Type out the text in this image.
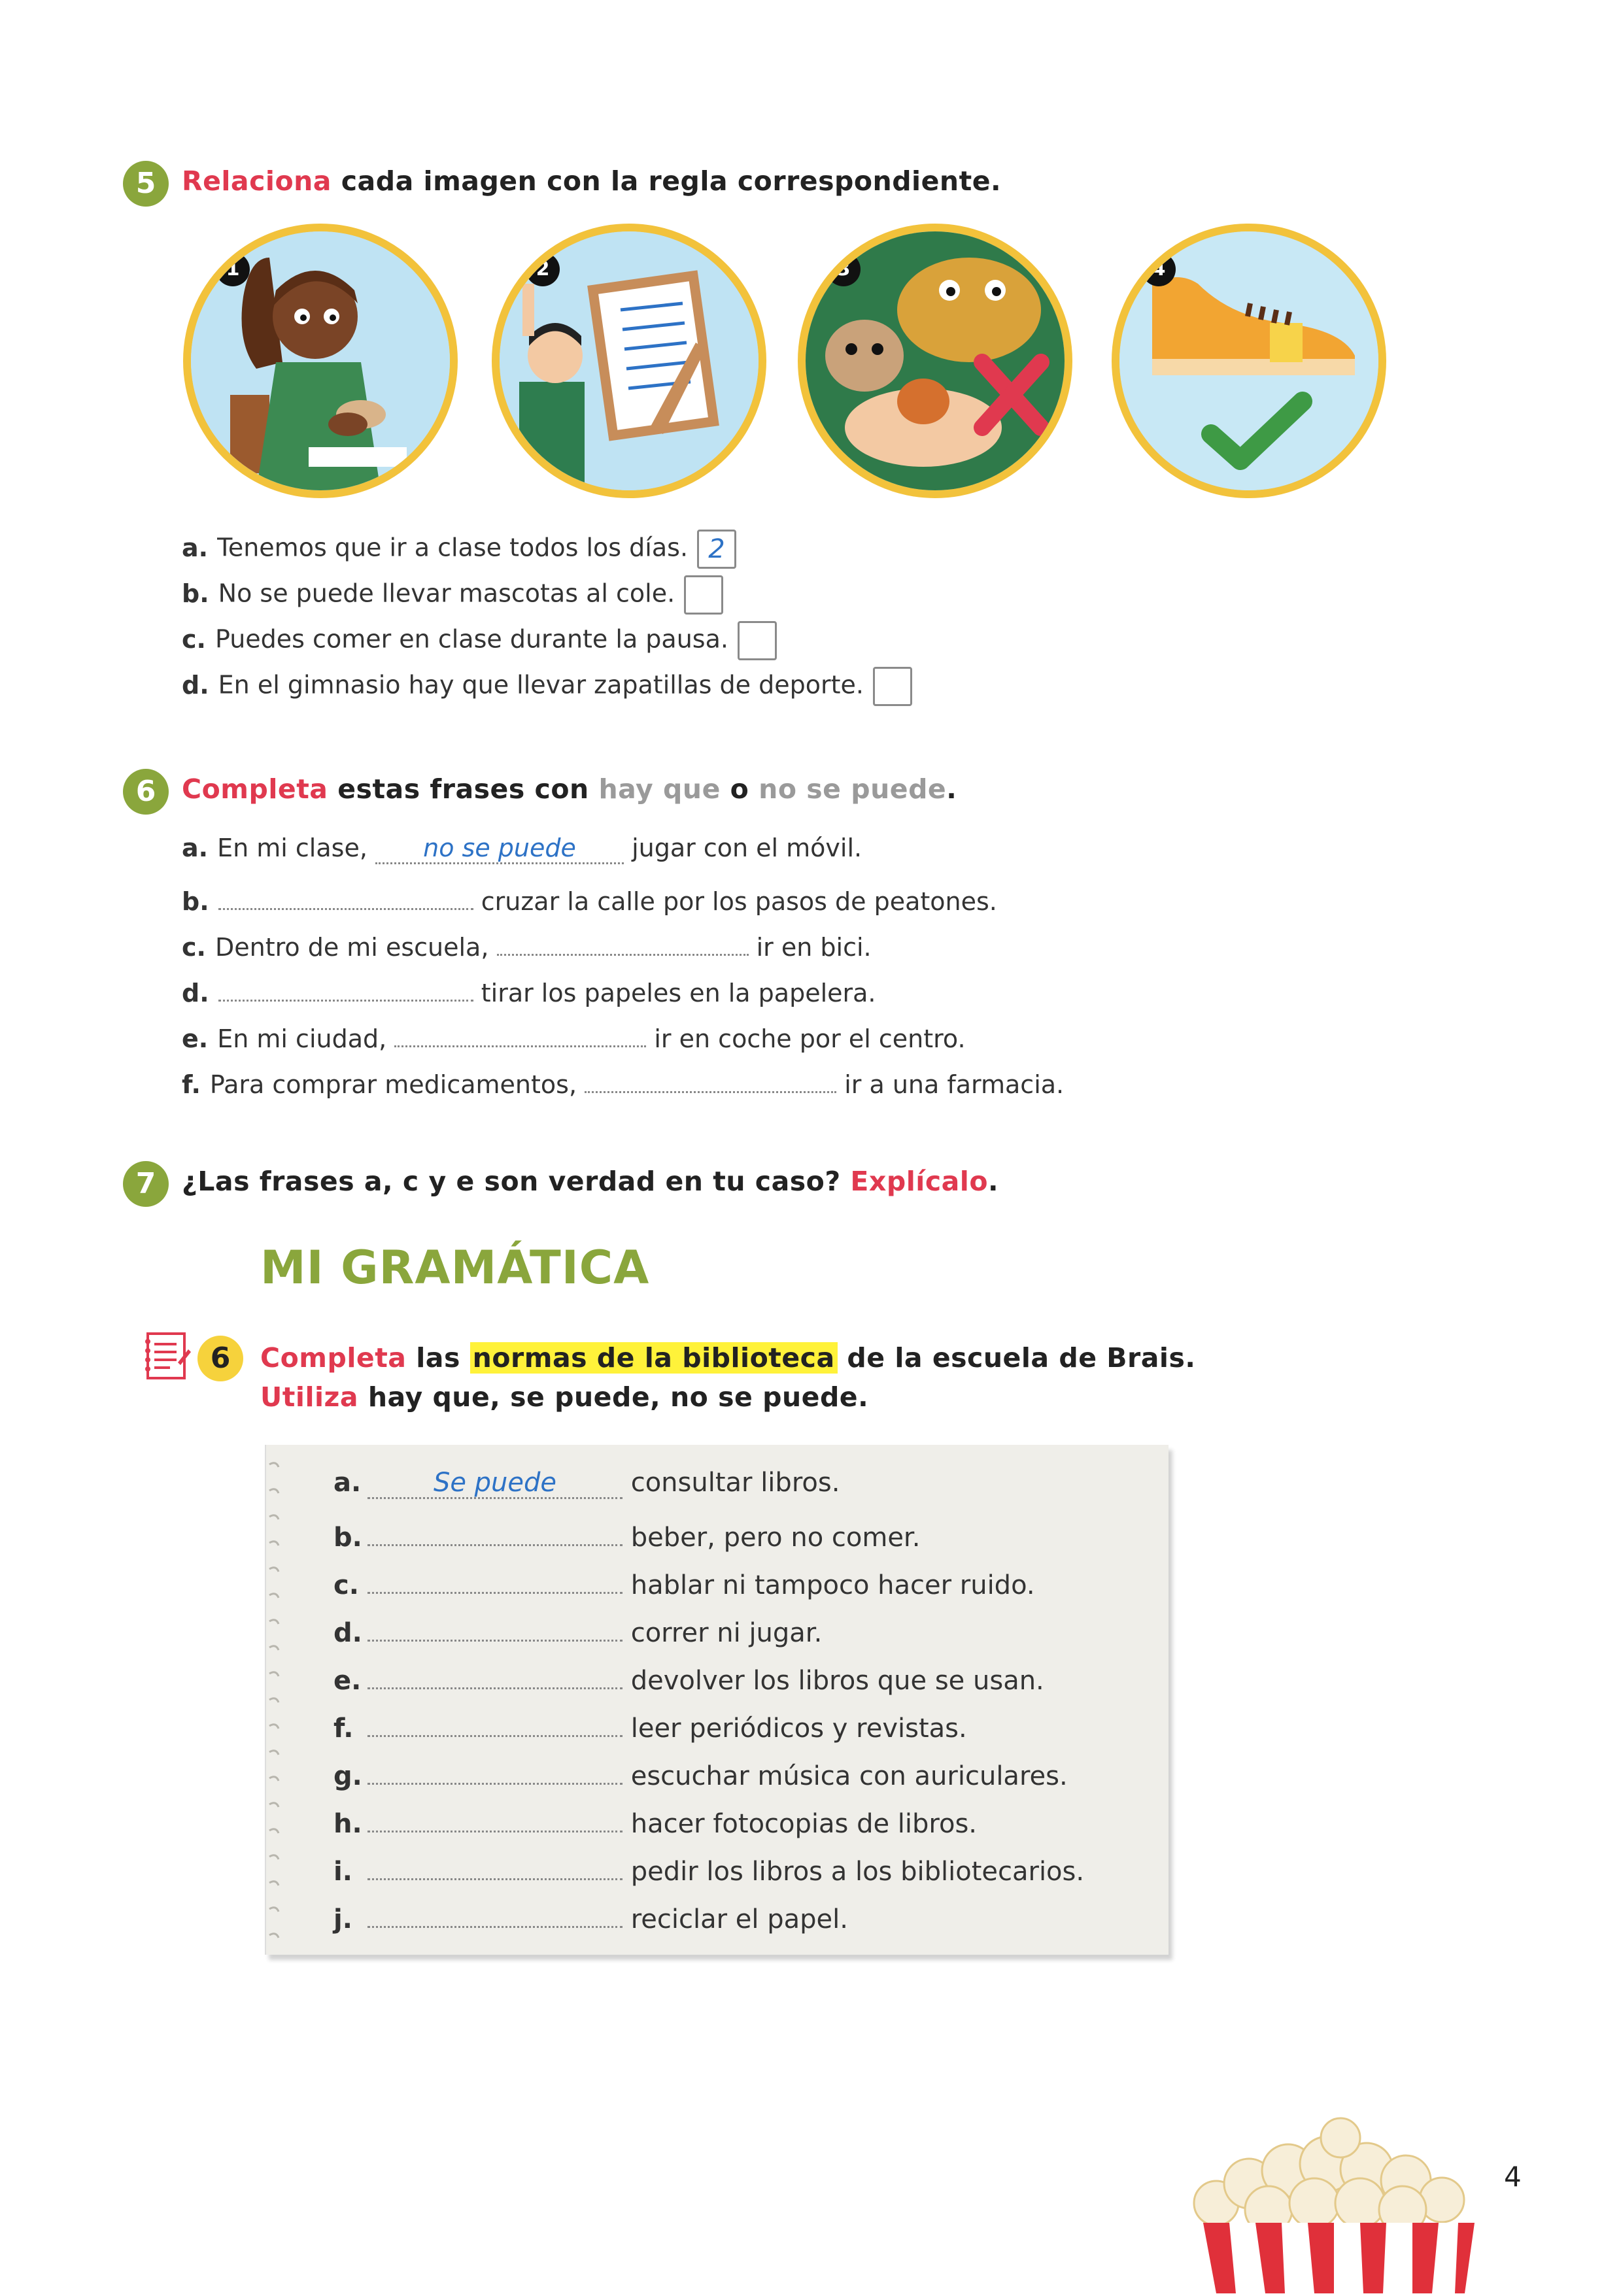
5 Relaciona cada imagen con la regla correspondiente.
1	2	3	4
a. Tenemos que ir a clase todos los días. 2
b. No se puede llevar mascotas al cole.
c. Puedes comer en clase durante la pausa.
d. En el gimnasio hay que llevar zapatillas de deporte.
6 Completa estas frases con hay que o no se puede.
a. En mi clase, no se puede jugar con el móvil.
b.	cruzar la calle por los pasos de peatones.
c. Dentro de mi escuela,	ir en bici.
d.	tirar los papeles en la papelera.
e. En mi ciudad,	ir en coche por el centro.
f. Para comprar medicamentos,	ir a una farmacia.
7 ¿Las frases a, c y e son verdad en tu caso? Explícalo.
MI GRAMÁTICA
6	Completa las normas de la biblioteca de la escuela de Brais.
Utiliza hay que, se puede, no se puede.
a.	Se puede	consultar libros.
b.	beber, pero no comer.
c.	hablar ni tampoco hacer ruido.
d.	correr ni jugar.
e.	devolver los libros que se usan.
f.	leer periódicos y revistas.
g.	escuchar música con auriculares.
h.	hacer fotocopias de libros.
i.	pedir los libros a los bibliotecarios.
j.	reciclar el papel.
4
